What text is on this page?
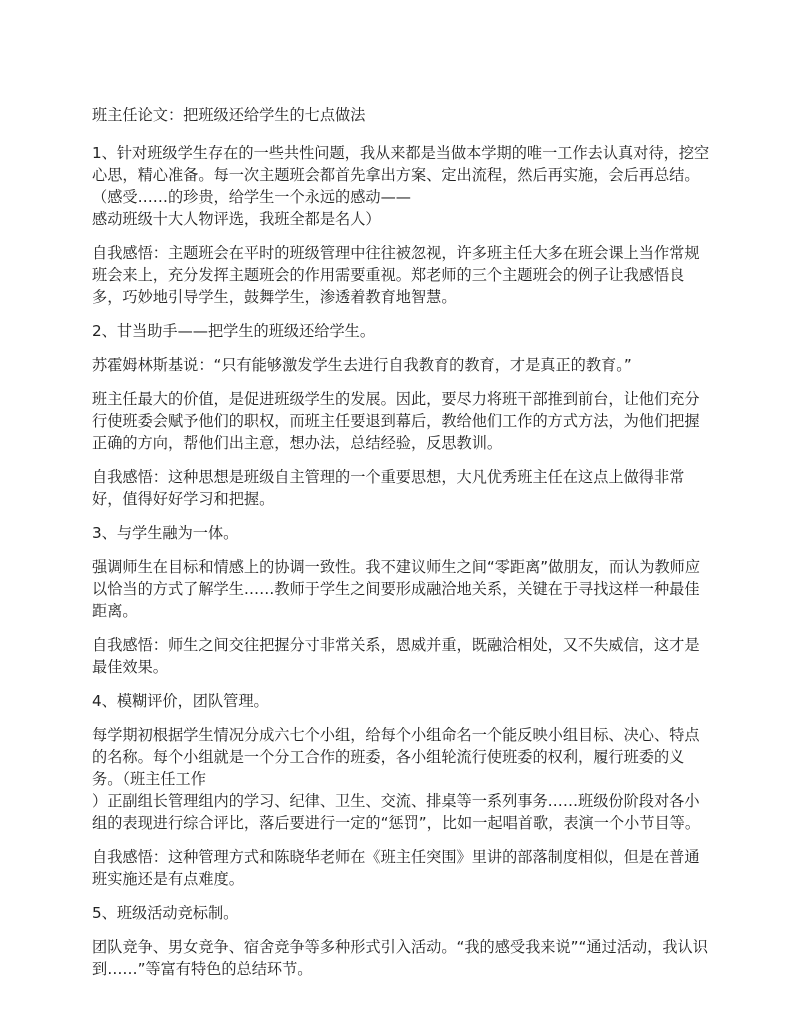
班主任论文：把班级还给学生的七点做法

1、针对班级学生存在的一些共性问题，我从来都是当做本学期的唯一工作去认真对待，挖空心思，精心准备。每一次主题班会都首先拿出方案、定出流程，然后再实施，会后再总结。（感受……的珍贵，给学生一个永远的感动——
感动班级十大人物评选，我班全都是名人）

自我感悟：主题班会在平时的班级管理中往往被忽视，许多班主任大多在班会课上当作常规班会来上，充分发挥主题班会的作用需要重视。郑老师的三个主题班会的例子让我感悟良多，巧妙地引导学生，鼓舞学生，渗透着教育地智慧。

2、甘当助手——把学生的班级还给学生。

苏霍姆林斯基说：“只有能够激发学生去进行自我教育的教育，才是真正的教育。”

班主任最大的价值，是促进班级学生的发展。因此，要尽力将班干部推到前台，让他们充分行使班委会赋予他们的职权，而班主任要退到幕后，教给他们工作的方式方法，为他们把握正确的方向，帮他们出主意，想办法，总结经验，反思教训。

自我感悟：这种思想是班级自主管理的一个重要思想，大凡优秀班主任在这点上做得非常好，值得好好学习和把握。

3、与学生融为一体。

强调师生在目标和情感上的协调一致性。我不建议师生之间“零距离”做朋友，而认为教师应以恰当的方式了解学生……教师于学生之间要形成融洽地关系，关键在于寻找这样一种最佳距离。

自我感悟：师生之间交往把握分寸非常关系，恩威并重，既融洽相处，又不失威信，这才是最佳效果。

4、模糊评价，团队管理。

每学期初根据学生情况分成六七个小组，给每个小组命名一个能反映小组目标、决心、特点的名称。每个小组就是一个分工合作的班委，各小组轮流行使班委的权利，履行班委的义务。（班主任工作
）正副组长管理组内的学习、纪律、卫生、交流、排桌等一系列事务……班级份阶段对各小组的表现进行综合评比，落后要进行一定的“惩罚”，比如一起唱首歌，表演一个小节目等。

自我感悟：这种管理方式和陈晓华老师在《班主任突围》里讲的部落制度相似，但是在普通班实施还是有点难度。

5、班级活动竞标制。

团队竞争、男女竞争、宿舍竞争等多种形式引入活动。“我的感受我来说”“通过活动，我认识到……”等富有特色的总结环节。
